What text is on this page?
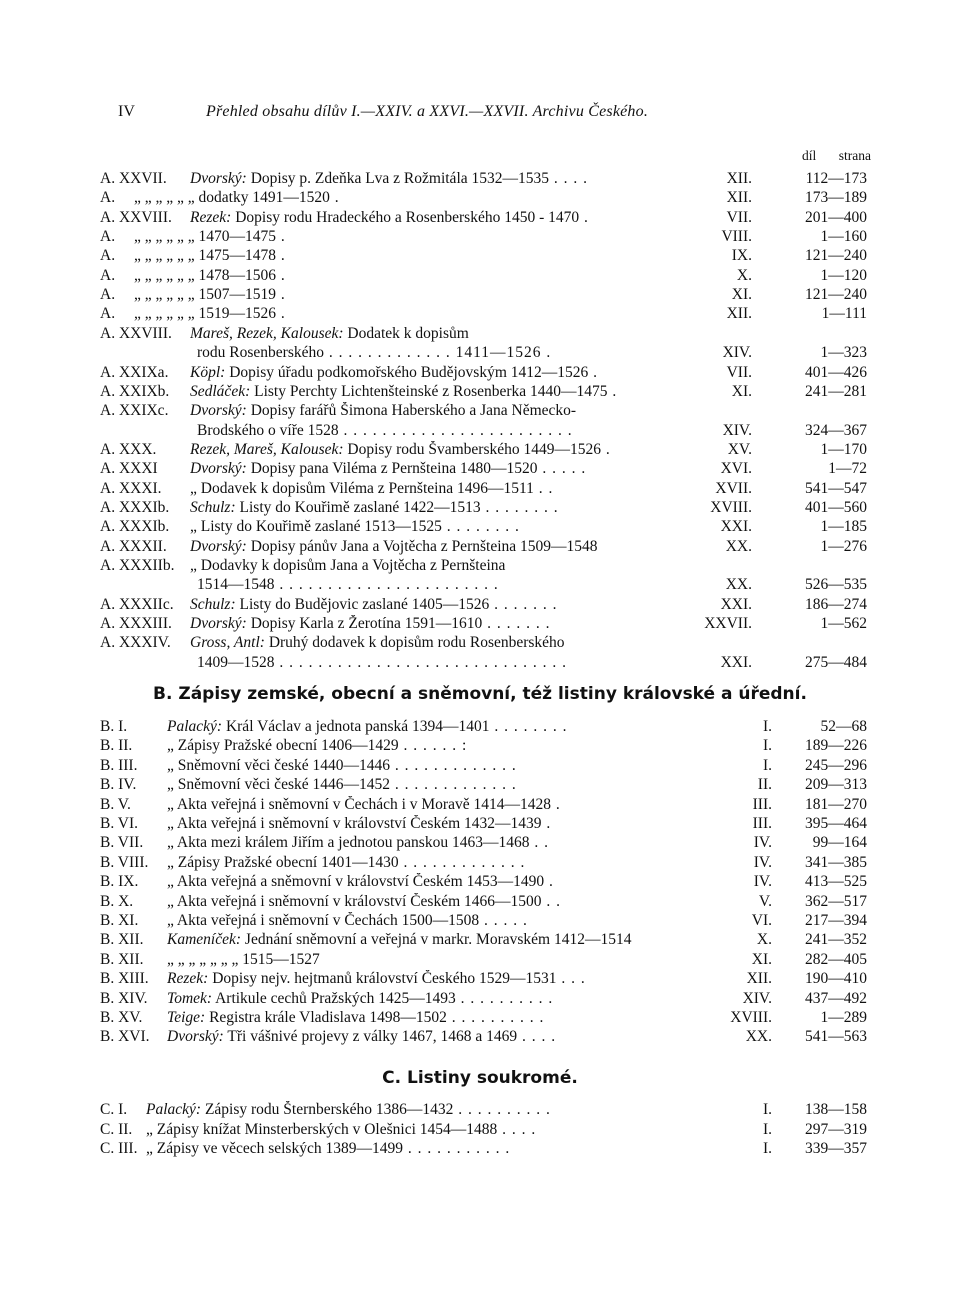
IV	Přehled obsahu dílův I.—XXIV. a XXVI.—XXVII. Archivu Českého.
díl	strana
A. XXVII. Dvorský: Dopisy p. Zdeňka Lva z Rožmitála 1532—1535 . . . .	XII.	112—173
A. „ „ „ „ „ „ dodatky 1491—1520 .	XII.	173—189
A. XXVIII. Rezek: Dopisy rodu Hradeckého a Rosenberského 1450 - 1470 .	VII.	201—400
A. „ „ „ „ „ „ 1470—1475 .	VIII.	1—160
A. „ „ „ „ „ „ 1475—1478 .	IX.	121—240
A. „ „ „ „ „ „ 1478—1506 .	X.	1—120
A. „ „ „ „ „ „ 1507—1519 .	XI.	121—240
A. „ „ „ „ „ „ 1519—1526 .	XII.	1—111
A. XXVIII. Mareš, Rezek, Kalousek: Dodatek k dopisům
rodu Rosenberského . . . . . . . . . . . . . 1411—1526 .	XIV.	1—323
A. XXIXa. Köpl: Dopisy úřadu podkomořského Budějovským 1412—1526 .	VII.	401—426
A. XXIXb. Sedláček: Listy Perchty Lichtenšteinské z Rosenberka 1440—1475 .	XI.	241—281
A. XXIXc. Dvorský: Dopisy farářů Šimona Haberského a Jana Německo-
Brodského o víře 1528 . . . . . . . . . . . . . . . . . . . . . . . .	XIV.	324—367
A. XXX. Rezek, Mareš, Kalousek: Dopisy rodu Švamberského 1449—1526 .	XV.	1—170
A. XXXI Dvorský: Dopisy pana Viléma z Pernšteina 1480—1520 . . . . .	XVI.	1—72
A. XXXI. „ Dodavek k dopisům Viléma z Pernšteina 1496—1511 . .	XVII.	541—547
A. XXXIb. Schulz: Listy do Kouřimě zaslané 1422—1513 . . . . . . . .	XVIII.	401—560
A. XXXIb. „ Listy do Kouřimě zaslané 1513—1525 . . . . . . . .	XXI.	1—185
A. XXXII. Dvorský: Dopisy pánův Jana a Vojtěcha z Pernšteina 1509—1548	XX.	1—276
A. XXXIIb. „ Dodavky k dopisům Jana a Vojtěcha z Pernšteina
1514—1548 . . . . . . . . . . . . . . . . . . . . . . .	XX.	526—535
A. XXXIIc. Schulz: Listy do Budějovic zaslané 1405—1526 . . . . . . .	XXI.	186—274
A. XXXIII. Dvorský: Dopisy Karla z Žerotína 1591—1610 . . . . . . .	XXVII.	1—562
A. XXXIV. Gross, Antl: Druhý dodavek k dopisům rodu Rosenberského
1409—1528 . . . . . . . . . . . . . . . . . . . . . . . . . . . . . .	XXI.	275—484
B. Zápisy zemské, obecní a sněmovní, též listiny královské a úřední.
B. I.	Palacký: Král Václav a jednota panská 1394—1401 . . . . . . . .	I.	52—68
B. II. „ Zápisy Pražské obecní 1406—1429 . . . . . . :	I.	189—226
B. III. „ Sněmovní věci české 1440—1446 . . . . . . . . . . . . .	I.	245—296
B. IV. „ Sněmovní věci české 1446—1452 . . . . . . . . . . . . .	II.	209—313
B. V. „ Akta veřejná i sněmovní v Čechách i v Moravě 1414—1428 .	III.	181—270
B. VI. „ Akta veřejná i sněmovní v království Českém 1432—1439 .	III.	395—464
B. VII. „ Akta mezi králem Jiřím a jednotou panskou 1463—1468 . .	IV.	99—164
B. VIII. „ Zápisy Pražské obecní 1401—1430 . . . . . . . . . . . . .	IV.	341—385
B. IX. „ Akta veřejná a sněmovní v království Českém 1453—1490 .	IV.	413—525
B. X. „ Akta veřejná i sněmovní v království Českém 1466—1500 . .	V.	362—517
B. XI. „ Akta veřejná i sněmovní v Čechách 1500—1508 . . . . .	VI.	217—394
B. XII. Kameníček: Jednání sněmovní a veřejná v markr. Moravském 1412—1514	X.	241—352
B. XII. „ „ „ „ „ „ „ 1515—1527	XI.	282—405
B. XIII. Rezek: Dopisy nejv. hejtmanů království Českého 1529—1531 . . .	XII.	190—410
B. XIV. Tomek: Artikule cechů Pražských 1425—1493 . . . . . . . . . .	XIV.	437—492
B. XV. Teige: Registra krále Vladislava 1498—1502 . . . . . . . . . .	XVIII.	1—289
B. XVI. Dvorský: Tři vášnivé projevy z války 1467, 1468 a 1469 . . . .	XX.	541—563
C. Listiny soukromé.
C. I. Palacký: Zápisy rodu Šternberského 1386—1432 . . . . . . . . . .	I.	138—158
C. II. „ Zápisy knížat Minsterberských v Olešnici 1454—1488 . . . .	I.	297—319
C. III. „ Zápisy ve věcech selských 1389—1499 . . . . . . . . . . .	I.	339—357
